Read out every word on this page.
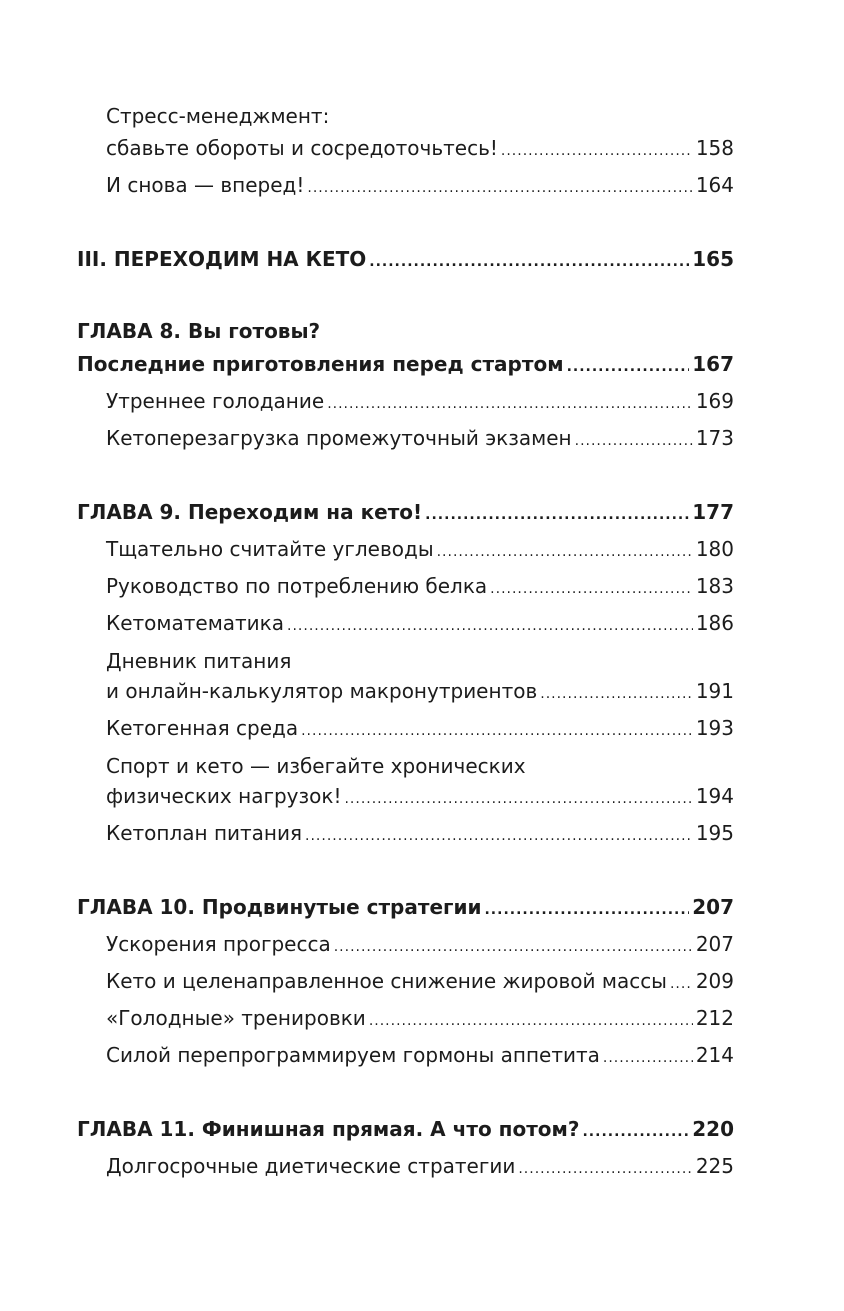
Стресс-менеджмент:
сбавьте обороты и сосредоточьтесь! .....	158
И снова — вперед! .....	164
III. ПЕРЕХОДИМ НА КЕТО .....	165
ГЛАВА 8. Вы готовы?
Последние приготовления перед стартом .....	167
Утреннее голодание .....	169
Кетоперезагрузка промежуточный экзамен .....	173
ГЛАВА 9. Переходим на кето! .....	177
Тщательно считайте углеводы .....	180
Руководство по потреблению белка .....	183
Кетоматематика .....	186
Дневник питания
и онлайн-калькулятор макронутриентов .....	191
Кетогенная среда .....	193
Спорт и кето — избегайте хронических
физических нагрузок! .....	194
Кетоплан питания .....	195
ГЛАВА 10. Продвинутые стратегии .....	207
Ускорения прогресса .....	207
Кето и целенаправленное снижение жировой массы ..... 209
«Голодные» тренировки .....	212
Силой перепрограммируем гормоны аппетита .....	214
ГЛАВА 11. Финишная прямая. А что потом? .....	220
Долгосрочные диетические стратегии .....	225
